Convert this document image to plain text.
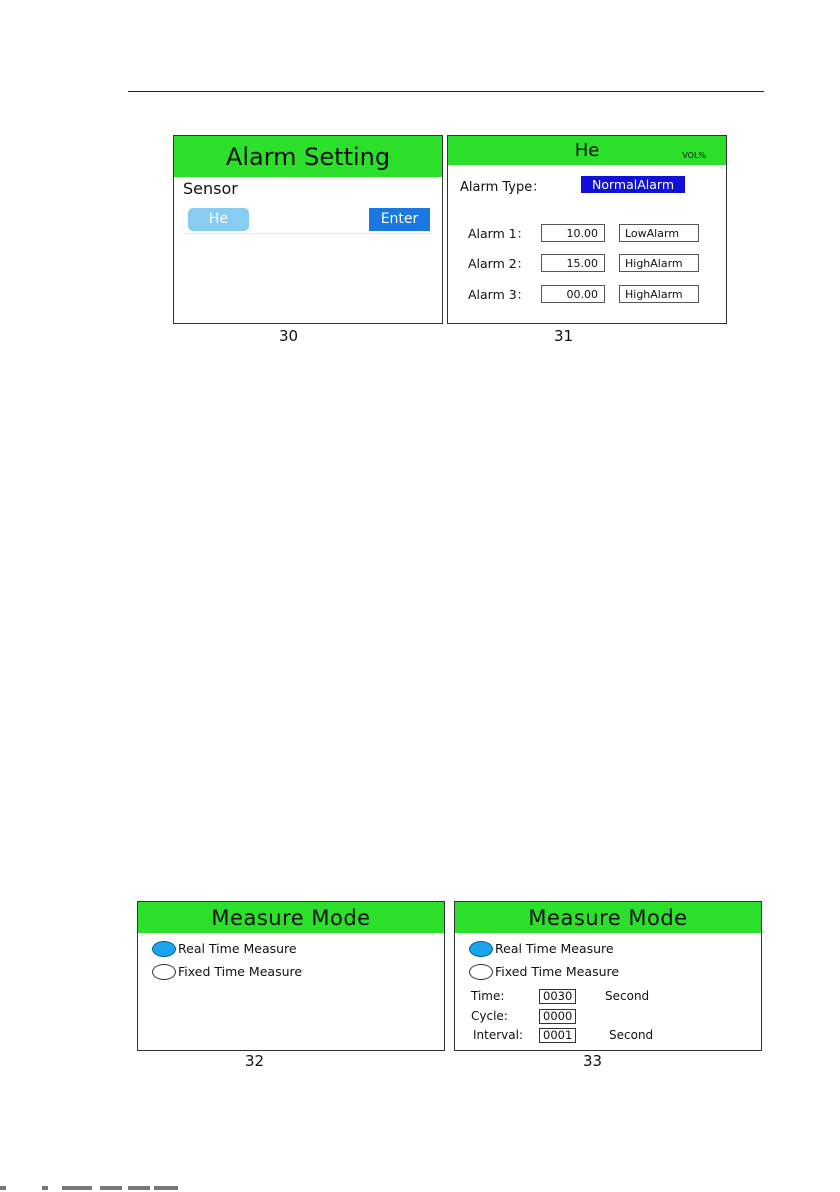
Alarm Setting
Sensor
He	Enter
30
He	VOL%
Alarm Type：	NormalAlarm
Alarm 1：	10.00	LowAlarm
Alarm 2：	15.00	HighAlarm
Alarm 3：	00.00	HighAlarm
31
Measure Mode
Real Time Measure
Fixed Time Measure
32
Measure Mode
Real Time Measure
Fixed Time Measure
Time:	0030	Second
Cycle:	0000
Interval:	0001	Second
33
